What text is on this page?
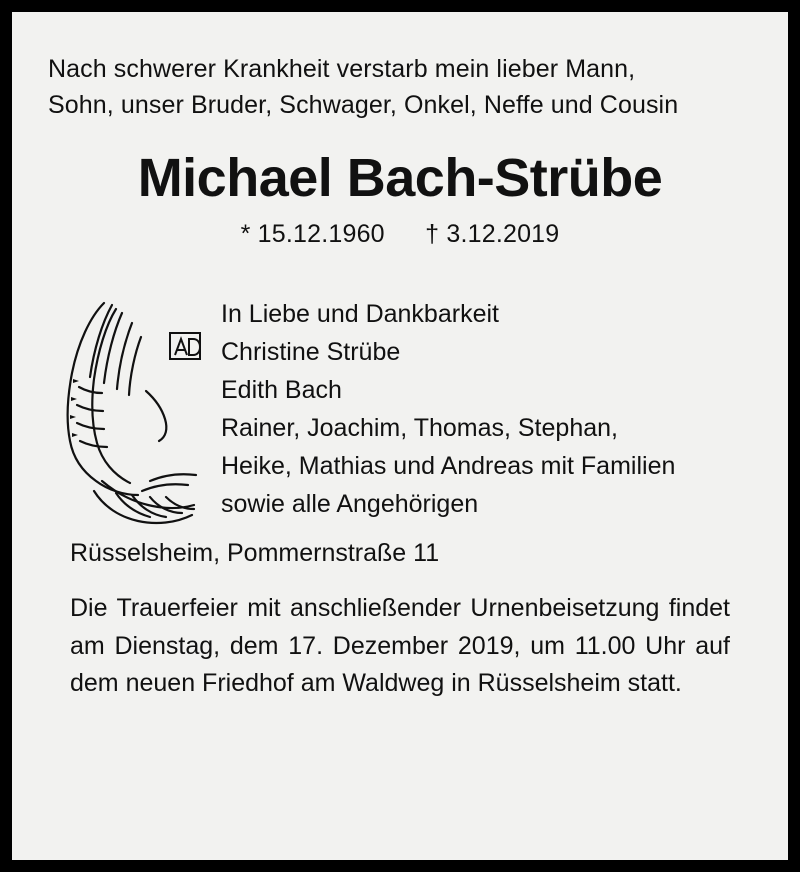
Nach schwerer Krankheit verstarb mein lieber Mann,
Sohn, unser Bruder, Schwager, Onkel, Neffe und Cousin
Michael Bach-Strübe
* 15.12.1960 † 3.12.2019
In Liebe und Dankbarkeit
Christine Strübe
Edith Bach
Rainer, Joachim, Thomas, Stephan,
Heike, Mathias und Andreas mit Familien
sowie alle Angehörigen
Rüsselsheim, Pommernstraße 11
Die Trauerfeier mit anschließender Urnenbeisetzung findet am Dienstag, dem 17. Dezember 2019, um 11.00 Uhr auf dem neuen Friedhof am Waldweg in Rüsselsheim statt.
